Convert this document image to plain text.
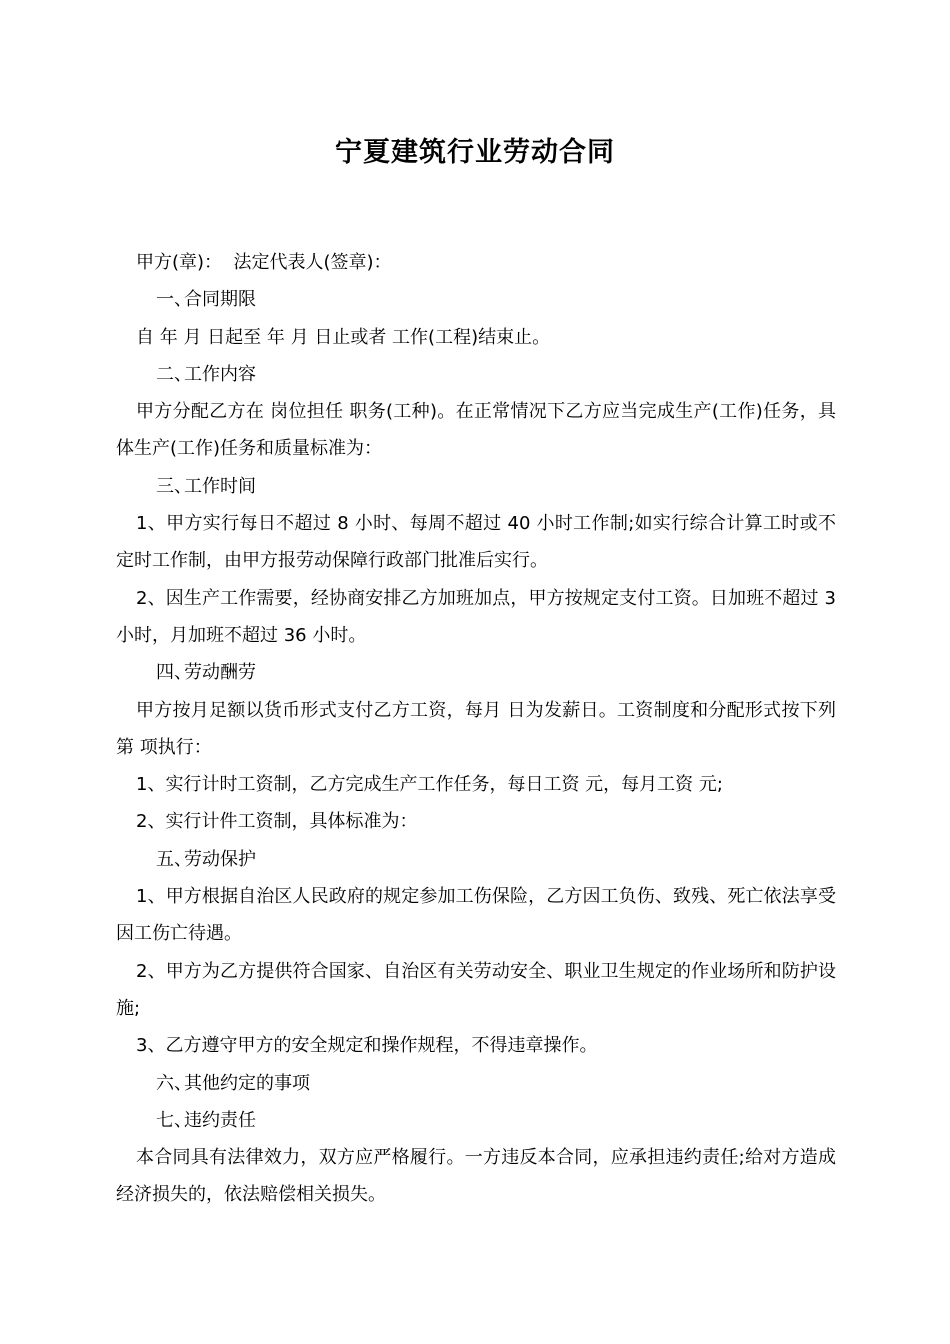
宁夏建筑行业劳动合同

甲方(章)：  法定代表人(签章)：

一、合同期限

自 年 月 日起至 年 月 日止或者 工作(工程)结束止。

二、工作内容

甲方分配乙方在 岗位担任 职务(工种)。在正常情况下乙方应当完成生产(工作)任务，具体生产(工作)任务和质量标准为：

三、工作时间

1、甲方实行每日不超过 8 小时、每周不超过 40 小时工作制;如实行综合计算工时或不定时工作制，由甲方报劳动保障行政部门批准后实行。

2、因生产工作需要，经协商安排乙方加班加点，甲方按规定支付工资。日加班不超过 3 小时，月加班不超过 36 小时。

四、劳动酬劳

甲方按月足额以货币形式支付乙方工资，每月 日为发薪日。工资制度和分配形式按下列第 项执行：

1、实行计时工资制，乙方完成生产工作任务，每日工资 元，每月工资 元;

2、实行计件工资制，具体标准为：

五、劳动保护

1、甲方根据自治区人民政府的规定参加工伤保险，乙方因工负伤、致残、死亡依法享受因工伤亡待遇。

2、甲方为乙方提供符合国家、自治区有关劳动安全、职业卫生规定的作业场所和防护设施;

3、乙方遵守甲方的安全规定和操作规程，不得违章操作。

六、其他约定的事项

七、违约责任

本合同具有法律效力，双方应严格履行。一方违反本合同，应承担违约责任;给对方造成经济损失的，依法赔偿相关损失。
